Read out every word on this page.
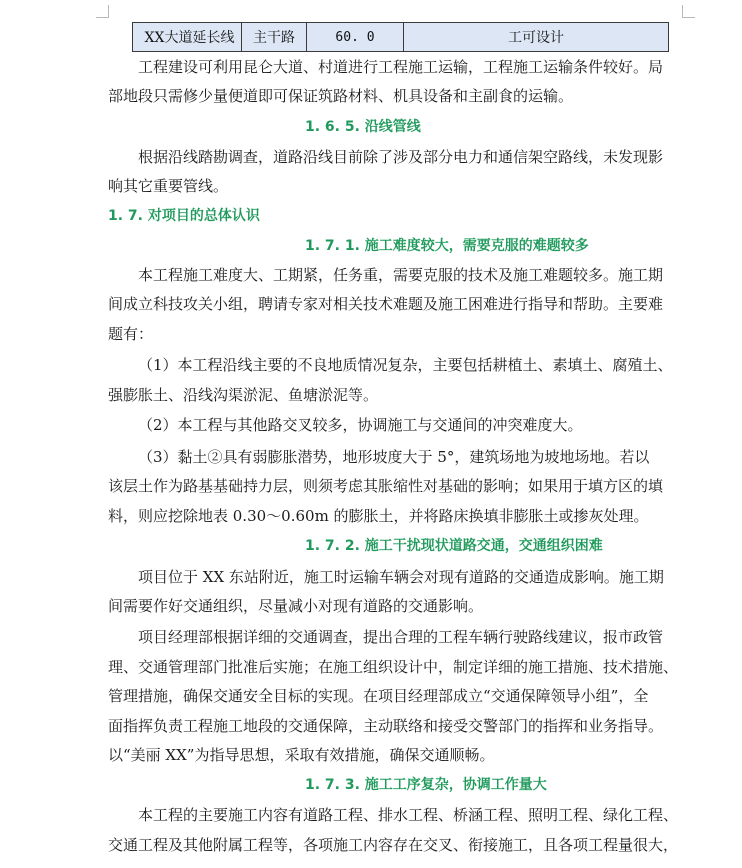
XX大道延长线	主干路	60. 0	工可设计
工程建设可利用昆仑大道、村道进行工程施工运输，工程施工运输条件较好。局
部地段只需修少量便道即可保证筑路材料、机具设备和主副食的运输。
1. 6. 5. 沿线管线
根据沿线踏勘调查，道路沿线目前除了涉及部分电力和通信架空路线，未发现影
响其它重要管线。
1. 7. 对项目的总体认识
1. 7. 1. 施工难度较大，需要克服的难题较多
本工程施工难度大、工期紧，任务重，需要克服的技术及施工难题较多。施工期
间成立科技攻关小组，聘请专家对相关技术难题及施工困难进行指导和帮助。主要难
题有：
（1）本工程沿线主要的不良地质情况复杂，主要包括耕植土、素填土、腐殖土、
强膨胀土、沿线沟渠淤泥、鱼塘淤泥等。
（2）本工程与其他路交叉较多，协调施工与交通间的冲突难度大。
（3）黏土②具有弱膨胀潜势，地形坡度大于 5°，建筑场地为坡地场地。若以
该层土作为路基基础持力层，则须考虑其胀缩性对基础的影响；如果用于填方区的填
料，则应挖除地表 0.30～0.60m 的膨胀土，并将路床换填非膨胀土或掺灰处理。
1. 7. 2. 施工干扰现状道路交通，交通组织困难
项目位于 XX 东站附近，施工时运输车辆会对现有道路的交通造成影响。施工期
间需要作好交通组织，尽量减小对现有道路的交通影响。
项目经理部根据详细的交通调查，提出合理的工程车辆行驶路线建议，报市政管
理、交通管理部门批准后实施；在施工组织设计中，制定详细的施工措施、技术措施、
管理措施，确保交通安全目标的实现。在项目经理部成立“交通保障领导小组”，全
面指挥负责工程施工地段的交通保障，主动联络和接受交警部门的指挥和业务指导。
以“美丽 XX”为指导思想，采取有效措施，确保交通顺畅。
1. 7. 3. 施工工序复杂，协调工作量大
本工程的主要施工内容有道路工程、排水工程、桥涵工程、照明工程、绿化工程、
交通工程及其他附属工程等，各项施工内容存在交叉、衔接施工，且各项工程量很大，
